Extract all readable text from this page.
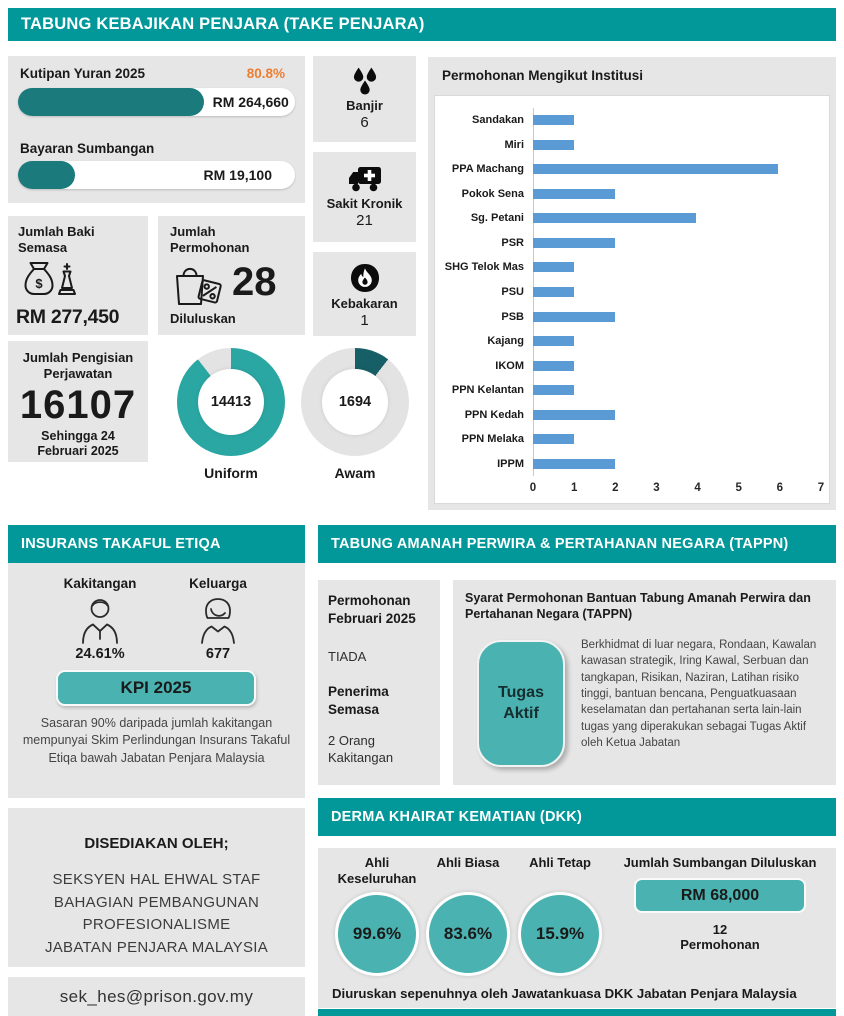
TABUNG KEBAJIKAN PENJARA (TAKE PENJARA)
Kutipan Yuran 2025	80.8%
RM 264,660
Bayaran Sumbangan
RM 19,100
Banjir
6
Sakit Kronik
21
Kebakaran
1
Jumlah Baki Semasa
$
RM 277,450
Jumlah Permohonan
28
Diluluskan
Jumlah Pengisian Perjawatan
16107
Sehingga 24 Februari 2025
14413
Uniform
1694
Awam
Permohonan Mengikut Institusi
Sandakan
Miri
PPA Machang
Pokok Sena
Sg. Petani
PSR
SHG Telok Mas
PSU
PSB
Kajang
IKOM
PPN Kelantan
PPN Kedah
PPN Melaka
IPPM
0	1	2	3	4	5	6	7
INSURANS TAKAFUL ETIQA
Kakitangan
24.61%
Keluarga
677
KPI 2025
Sasaran 90% daripada jumlah kakitangan mempunyai Skim Perlindungan Insurans Takaful Etiqa bawah Jabatan Penjara Malaysia
TABUNG AMANAH PERWIRA & PERTAHANAN NEGARA (TAPPN)
Permohonan Februari 2025
TIADA
Penerima Semasa
2 Orang Kakitangan
Syarat Permohonan Bantuan Tabung Amanah Perwira dan Pertahanan Negara (TAPPN)
Tugas Aktif
Berkhidmat di luar negara, Rondaan, Kawalan kawasan strategik, Iring Kawal, Serbuan dan tangkapan, Risikan, Naziran, Latihan risiko tinggi, bantuan bencana, Penguatkuasaan keselamatan dan pertahanan serta lain-lain tugas yang diperakukan sebagai Tugas Aktif oleh Ketua Jabatan
DISEDIAKAN OLEH;
SEKSYEN HAL EHWAL STAF
BAHAGIAN PEMBANGUNAN
PROFESIONALISME
JABATAN PENJARA MALAYSIA
sek_hes@prison.gov.my
DERMA KHAIRAT KEMATIAN (DKK)
Ahli Keseluruhan
99.6%
Ahli Biasa
83.6%
Ahli Tetap
15.9%
Jumlah Sumbangan Diluluskan
RM 68,000
12
Permohonan
Diuruskan sepenuhnya oleh Jawatankuasa DKK Jabatan Penjara Malaysia
